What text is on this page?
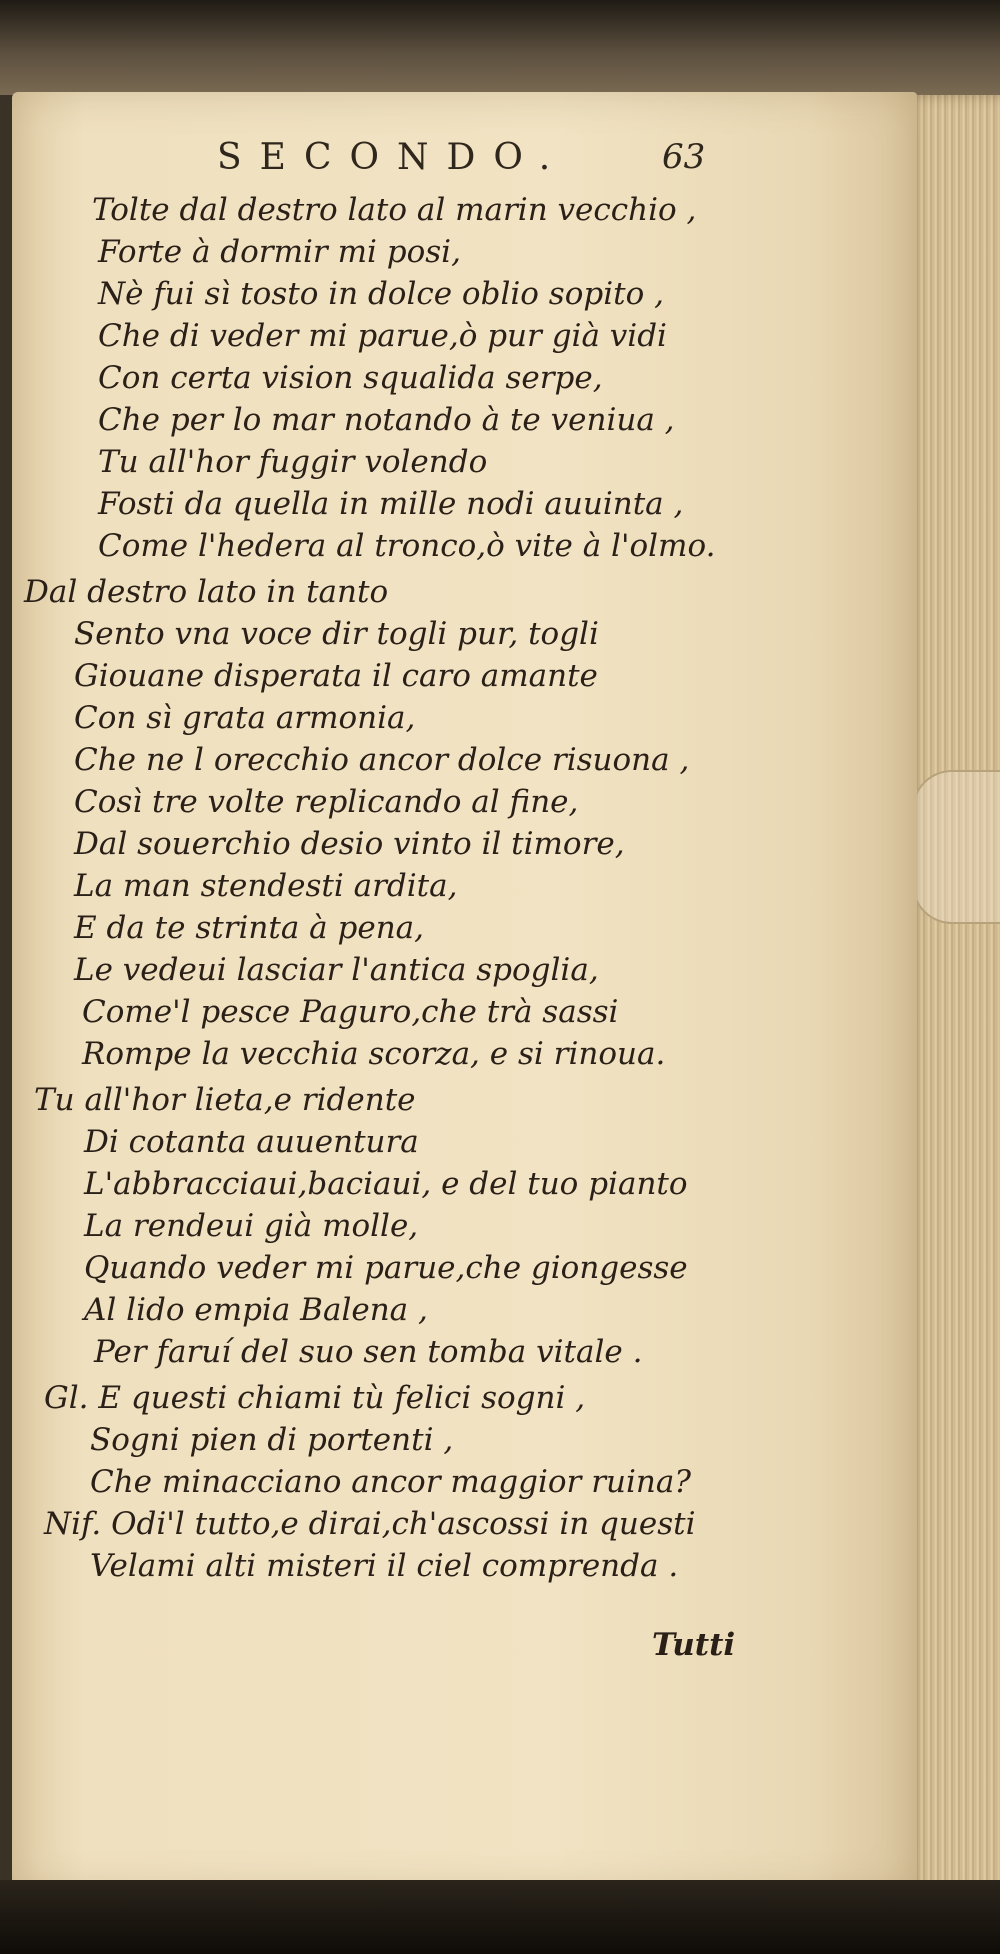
SECONDO.	63
Tolte dal destro lato al marin vecchio ,
Forte à dormir mi posi,
Nè fui sì tosto in dolce oblio sopito ,
Che di veder mi parue,ò pur già vidi
Con certa vision squalida serpe,
Che per lo mar notando à te veniua ,
Tu all'hor fuggir volendo
Fosti da quella in mille nodi auuinta ,
Come l'hedera al tronco,ò vite à l'olmo.
Dal destro lato in tanto
Sento vna voce dir togli pur, togli
Giouane disperata il caro amante
Con sì grata armonia,
Che ne l orecchio ancor dolce risuona ,
Così tre volte replicando al fine,
Dal souerchio desio vinto il timore,
La man stendesti ardita,
E da te strinta à pena,
Le vedeui lasciar l'antica spoglia,
Come'l pesce Paguro,che trà sassi
Rompe la vecchia scorza, e si rinoua.
Tu all'hor lieta,e ridente
Di cotanta auuentura
L'abbracciaui,baciaui, e del tuo pianto
La rendeui già molle,
Quando veder mi parue,che giongesse
Al lido empia Balena ,
Per faruí del suo sen tomba vitale .
Gl. E questi chiami tù felici sogni ,
Sogni pien di portenti ,
Che minacciano ancor maggior ruina?
Nif. Odi'l tutto,e dirai,ch'ascossi in questi
Velami alti misteri il ciel comprenda .
Tutti
